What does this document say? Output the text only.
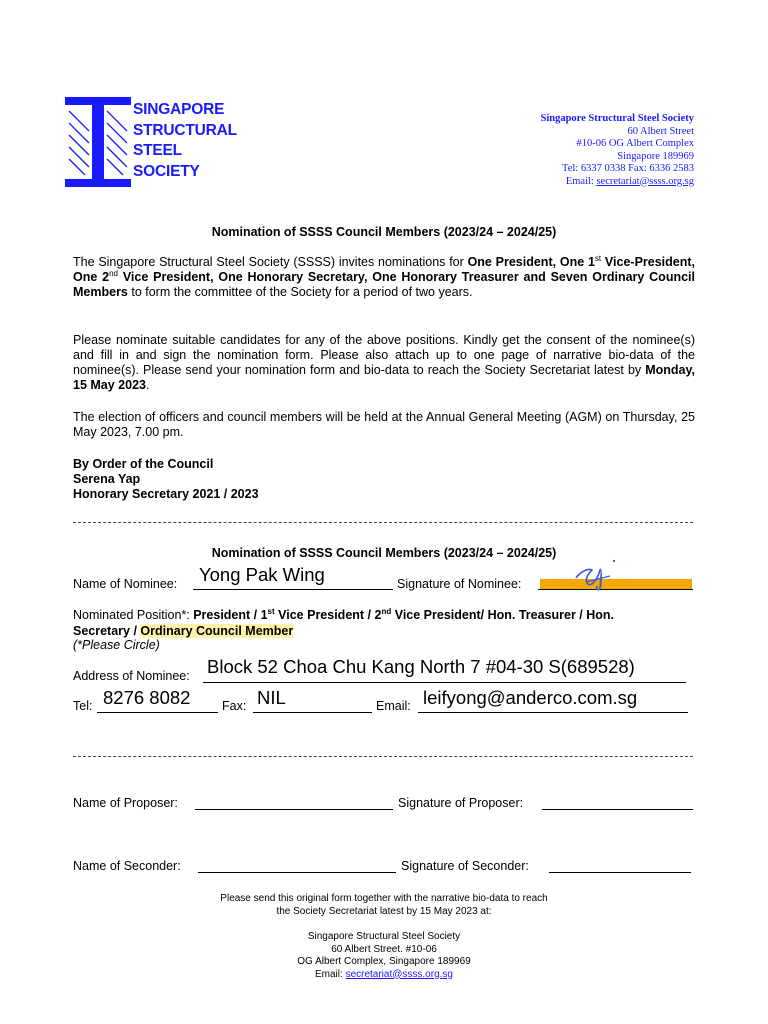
SINGAPORE
STRUCTURAL
STEEL
SOCIETY
Singapore Structural Steel Society
60 Albert Street
#10-06 OG Albert Complex
Singapore 189969
Tel: 6337 0338 Fax: 6336 2583
Email: secretariat@ssss.org.sg
Nomination of SSSS Council Members (2023/24 – 2024/25)
The Singapore Structural Steel Society (SSSS) invites nominations for One President, One 1st Vice-President, One 2nd Vice President, One Honorary Secretary, One Honorary Treasurer and Seven Ordinary Council Members to form the committee of the Society for a period of two years.
Please nominate suitable candidates for any of the above positions. Kindly get the consent of the nominee(s) and fill in and sign the nomination form. Please also attach up to one page of narrative bio-data of the nominee(s). Please send your nomination form and bio-data to reach the Society Secretariat latest by Monday, 15 May 2023.
The election of officers and council members will be held at the Annual General Meeting (AGM) on Thursday, 25 May 2023, 7.00 pm.
By Order of the Council
Serena Yap
Honorary Secretary 2021 / 2023
Nomination of SSSS Council Members (2023/24 – 2024/25)
Name of Nominee: Yong Pak Wing	Signature of Nominee:
Nominated Position*: President / 1st Vice President / 2nd Vice President/ Hon. Treasurer / Hon.
Secretary / Ordinary Council Member
(*Please Circle)
Address of Nominee: Block 52 Choa Chu Kang North 7 #04-30 S(689528)
Tel: 8276 8082	Fax: NIL	Email: leifyong@anderco.com.sg
Name of Proposer:	Signature of Proposer:
Name of Seconder:	Signature of Seconder:
Please send this original form together with the narrative bio-data to reach
the Society Secretariat latest by 15 May 2023 at:
Singapore Structural Steel Society
60 Albert Street. #10-06
OG Albert Complex, Singapore 189969
Email: secretariat@ssss.org.sg
